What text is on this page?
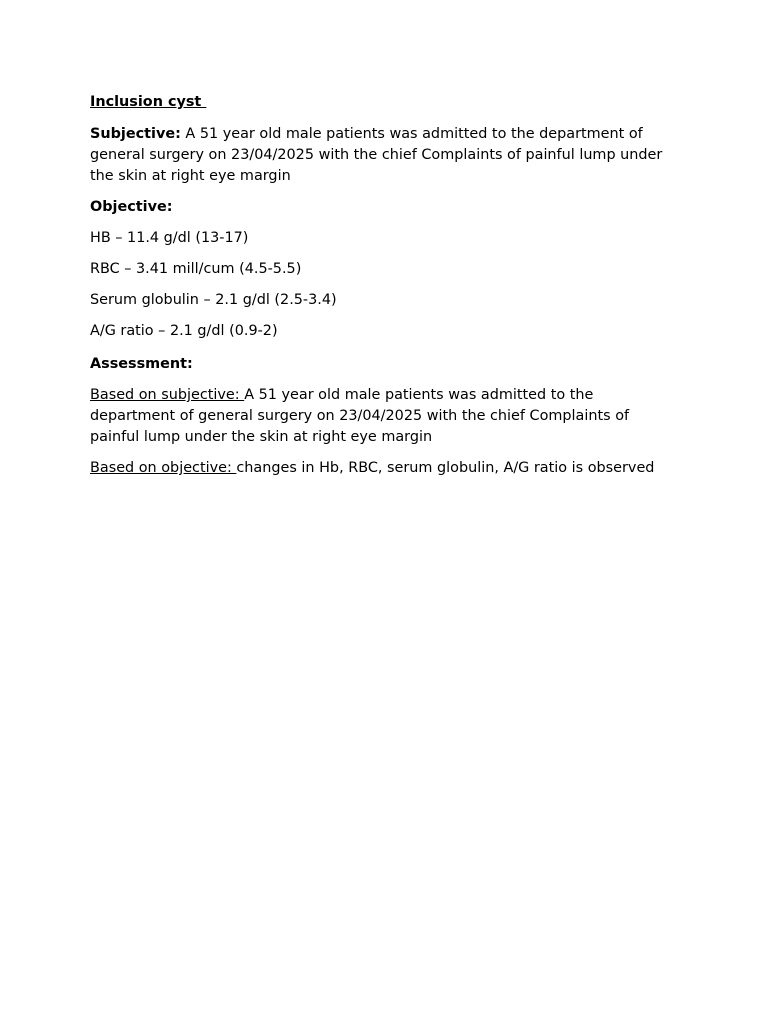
Inclusion cyst

Subjective: A 51 year old male patients was admitted to the department of general surgery on 23/04/2025 with the chief Complaints of painful lump under the skin at right eye margin

Objective:

HB – 11.4 g/dl (13-17)

RBC – 3.41 mill/cum (4.5-5.5)

Serum globulin – 2.1 g/dl (2.5-3.4)

A/G ratio – 2.1 g/dl (0.9-2)

Assessment:

Based on subjective: A 51 year old male patients was admitted to the department of general surgery on 23/04/2025 with the chief Complaints of painful lump under the skin at right eye margin

Based on objective: changes in Hb, RBC, serum globulin, A/G ratio is observed
